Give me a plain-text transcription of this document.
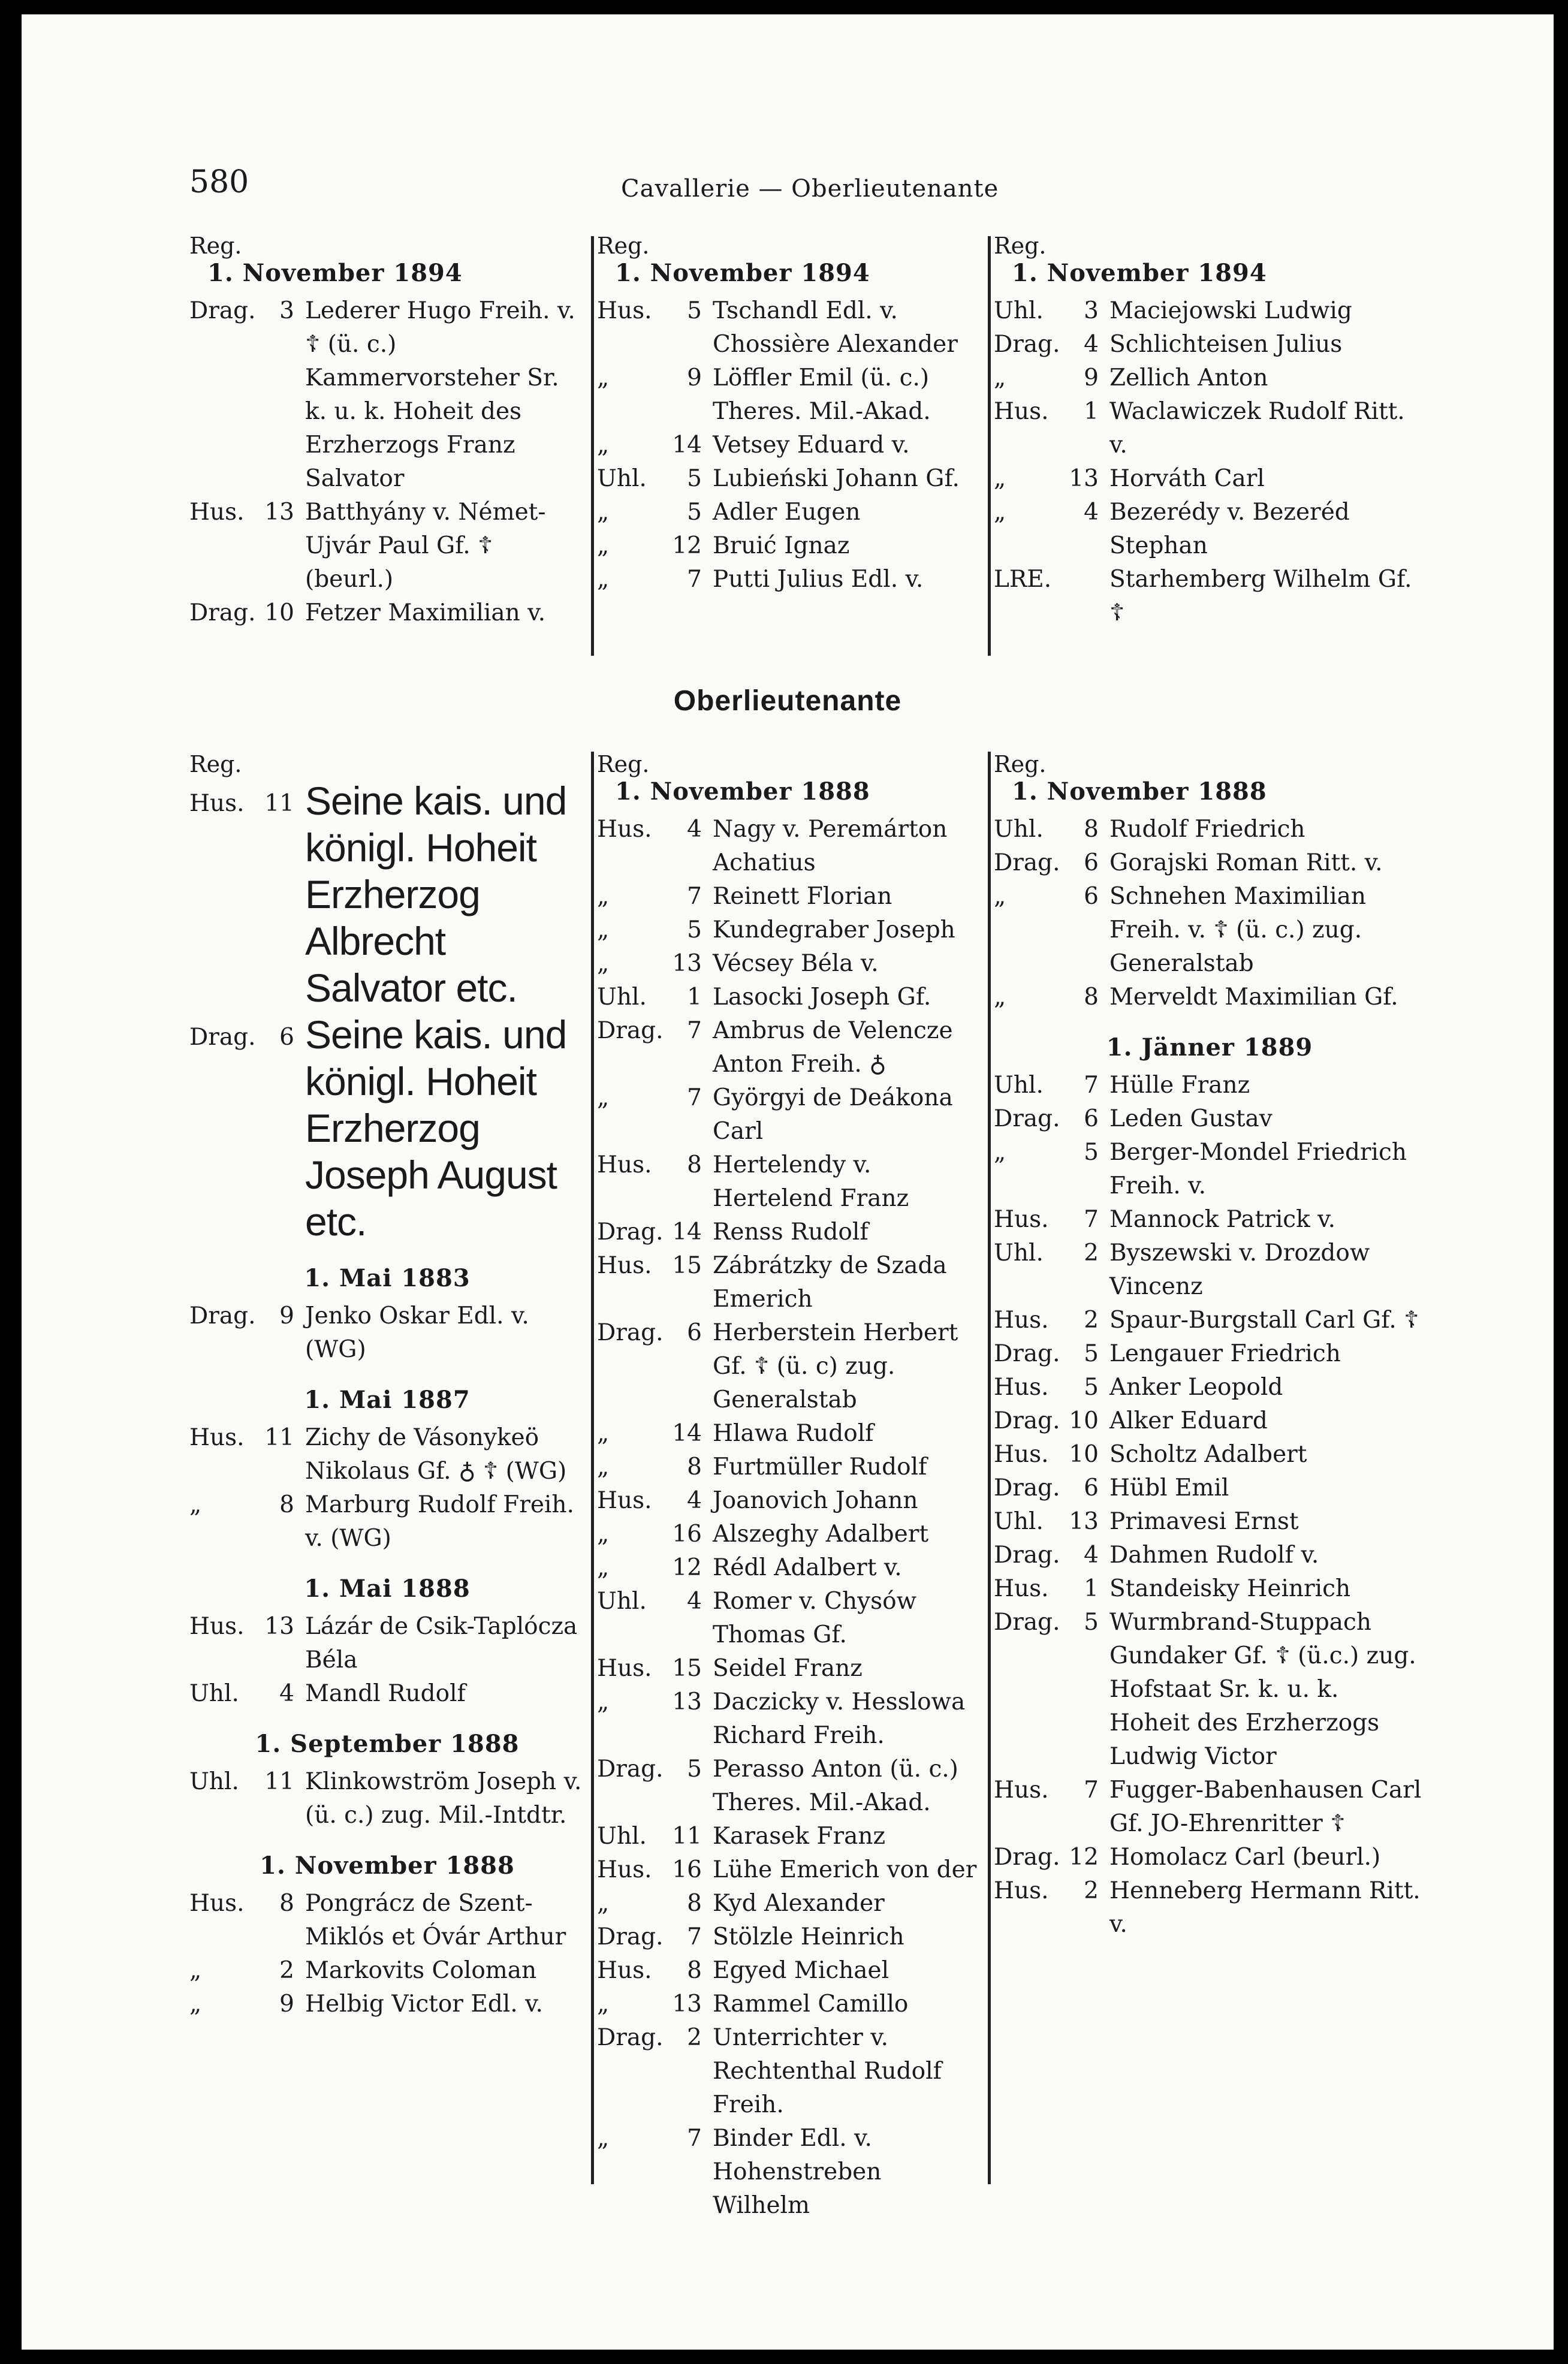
580	Cavallerie — Oberlieutenante
Reg.
1. November 1894
Drag.	3 Lederer Hugo Freih. v. ☦ (ü. c.) Kammervorsteher Sr. k. u. k. Hoheit des Erzherzogs Franz Salvator
Hus. 13 Batthyány v. Német-Ujvár Paul Gf. ☦ (beurl.)
Drag. 10 Fetzer Maximilian v.
Reg.
1. November 1894
Hus.	5 Tschandl Edl. v. Chossière Alexander
„	9 Löffler Emil (ü. c.) Theres. Mil.-Akad.
„	14 Vetsey Eduard v.
Uhl.	5 Lubieński Johann Gf.
„	5 Adler Eugen
„	12 Bruić Ignaz
„	7 Putti Julius Edl. v.
Reg.
1. November 1894
Uhl.	3 Maciejowski Ludwig
Drag.	4 Schlichteisen Julius
„	9 Zellich Anton
Hus.	1 Waclawiczek Rudolf Ritt. v.
„	13 Horváth Carl
„	4 Bezerédy v. Bezeréd Stephan
LRE.	Starhemberg Wilhelm Gf. ☦
Oberlieutenante
Reg.
Hus. 11 Seine kais. und königl. Hoheit Erzherzog Albrecht Salvator etc.
Drag.	6 Seine kais. und königl. Hoheit Erzherzog Joseph August etc.
1. Mai 1883
Drag.	9 Jenko Oskar Edl. v. (WG)
1. Mai 1887
Hus. 11 Zichy de Vásonykeö Nikolaus Gf. ♁ ☦ (WG)
„	8 Marburg Rudolf Freih. v. (WG)
1. Mai 1888
Hus. 13 Lázár de Csik-Taplócza Béla
Uhl.	4 Mandl Rudolf
1. September 1888
Uhl.	11 Klinkowström Joseph v. (ü. c.) zug. Mil.-Intdtr.
1. November 1888
Hus.	8 Pongrácz de Szent-Miklós et Óvár Arthur
„	2 Markovits Coloman
„	9 Helbig Victor Edl. v.
Reg.
1. November 1888
Hus.	4 Nagy v. Peremárton Achatius
„	7 Reinett Florian
„	5 Kundegraber Joseph
„	13 Vécsey Béla v.
Uhl.	1 Lasocki Joseph Gf.
Drag.	7 Ambrus de Velencze Anton Freih. ♁
„	7 Györgyi de Deákona Carl
Hus.	8 Hertelendy v. Hertelend Franz
Drag. 14 Renss Rudolf
Hus. 15 Zábrátzky de Szada Emerich
Drag.	6 Herberstein Herbert Gf. ☦ (ü. c) zug. Generalstab
„	14 Hlawa Rudolf
„	8 Furtmüller Rudolf
Hus.	4 Joanovich Johann
„	16 Alszeghy Adalbert
„	12 Rédl Adalbert v.
Uhl.	4 Romer v. Chysów Thomas Gf.
Hus. 15 Seidel Franz
„	13 Daczicky v. Hesslowa Richard Freih.
Drag.	5 Perasso Anton (ü. c.) Theres. Mil.-Akad.
Uhl.	11 Karasek Franz
Hus. 16 Lühe Emerich von der
„	8 Kyd Alexander
Drag.	7 Stölzle Heinrich
Hus.	8 Egyed Michael
„	13 Rammel Camillo
Drag.	2 Unterrichter v. Rechtenthal Rudolf Freih.
„	7 Binder Edl. v. Hohenstreben Wilhelm
Reg.
1. November 1888
Uhl.	8 Rudolf Friedrich
Drag.	6 Gorajski Roman Ritt. v.
„	6 Schnehen Maximilian Freih. v. ☦ (ü. c.) zug. Generalstab
„	8 Merveldt Maximilian Gf.
1. Jänner 1889
Uhl.	7 Hülle Franz
Drag.	6 Leden Gustav
„	5 Berger-Mondel Friedrich Freih. v.
Hus.	7 Mannock Patrick v.
Uhl.	2 Byszewski v. Drozdow Vincenz
Hus.	2 Spaur-Burgstall Carl Gf. ☦
Drag.	5 Lengauer Friedrich
Hus.	5 Anker Leopold
Drag. 10 Alker Eduard
Hus. 10 Scholtz Adalbert
Drag.	6 Hübl Emil
Uhl.	13 Primavesi Ernst
Drag.	4 Dahmen Rudolf v.
Hus.	1 Standeisky Heinrich
Drag.	5 Wurmbrand-Stuppach Gundaker Gf. ☦ (ü.c.) zug. Hofstaat Sr. k. u. k. Hoheit des Erzherzogs Ludwig Victor
Hus.	7 Fugger-Babenhausen Carl Gf. JO-Ehrenritter ☦
Drag. 12 Homolacz Carl (beurl.)
Hus.	2 Henneberg Hermann Ritt. v.
